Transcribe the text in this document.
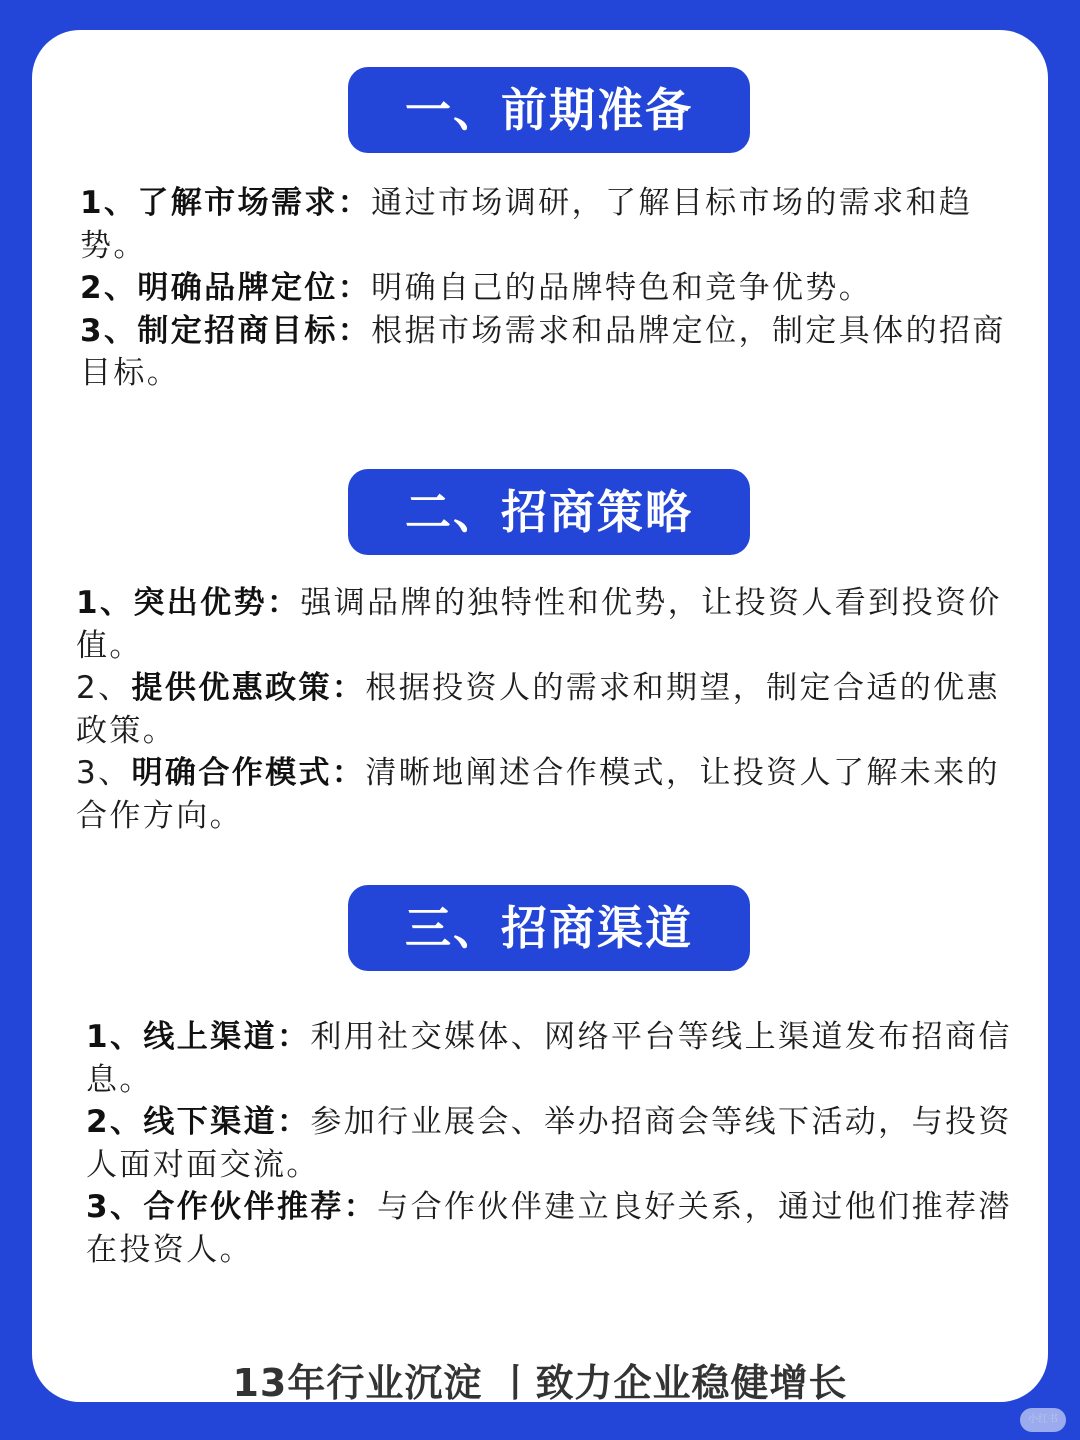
一、前期准备

1、了解市场需求：通过市场调研，了解目标市场的需求和趋势。

2、明确品牌定位：明确自己的品牌特色和竞争优势。

3、制定招商目标：根据市场需求和品牌定位，制定具体的招商目标。

二、招商策略

1、突出优势：强调品牌的独特性和优势，让投资人看到投资价值。

2、提供优惠政策：根据投资人的需求和期望，制定合适的优惠政策。

3、明确合作模式：清晰地阐述合作模式，让投资人了解未来的合作方向。

三、招商渠道

1、线上渠道：利用社交媒体、网络平台等线上渠道发布招商信息。

2、线下渠道：参加行业展会、举办招商会等线下活动，与投资人面对面交流。

3、合作伙伴推荐：与合作伙伴建立良好关系，通过他们推荐潜在投资人。

13年行业沉淀 丨致力企业稳健增长
小红书
